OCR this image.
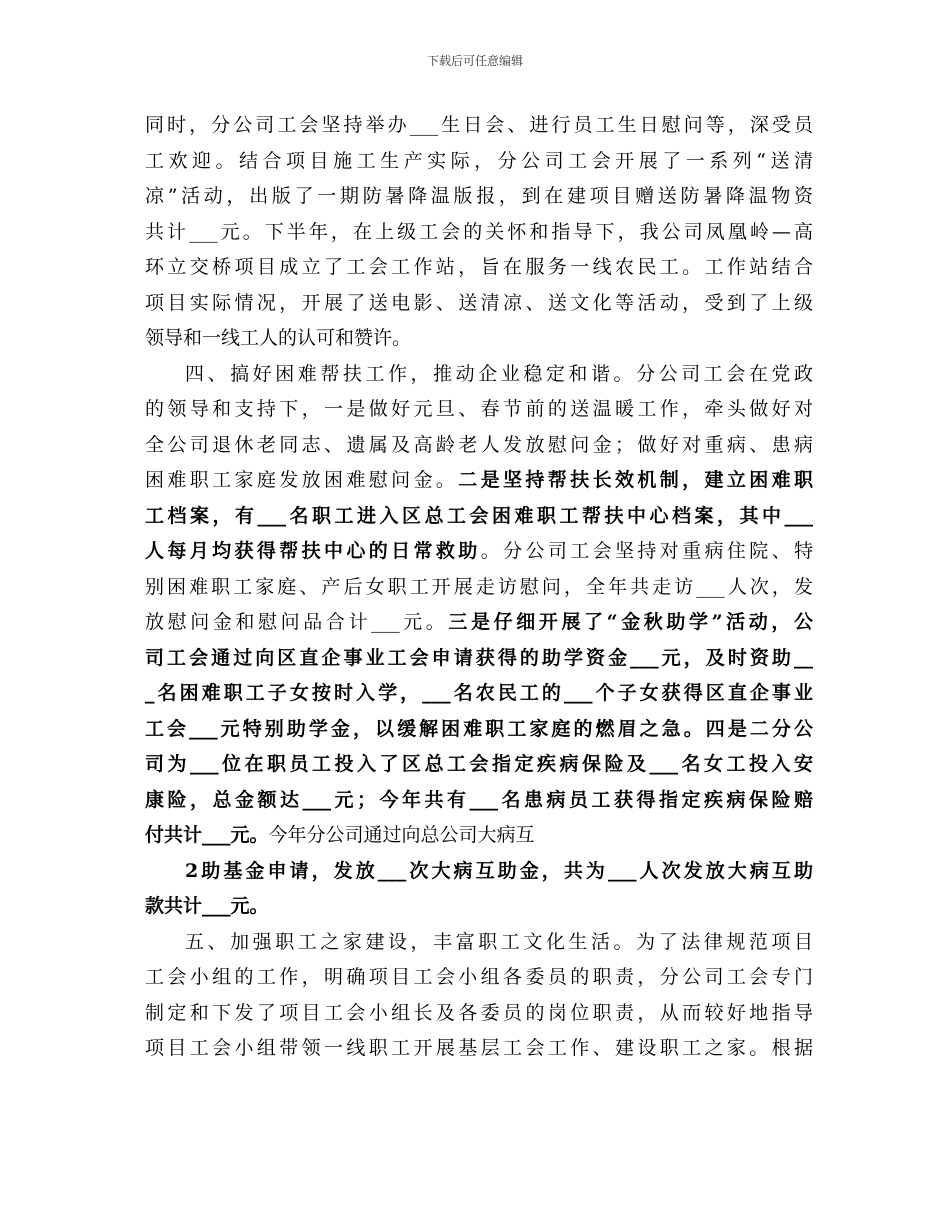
下载后可任意编辑
同时，分公司工会坚持举办___生日会、进行员工生日慰问等，深受员
工欢迎。结合项目施工生产实际，分公司工会开展了一系列“送清
凉”活动，出版了一期防暑降温版报，到在建项目赠送防暑降温物资
共计___元。下半年，在上级工会的关怀和指导下，我公司凤凰岭—高
环立交桥项目成立了工会工作站，旨在服务一线农民工。工作站结合
项目实际情况，开展了送电影、送清凉、送文化等活动，受到了上级
领导和一线工人的认可和赞许。
四、搞好困难帮扶工作，推动企业稳定和谐。分公司工会在党政
的领导和支持下，一是做好元旦、春节前的送温暖工作，牵头做好对
全公司退休老同志、遗属及高龄老人发放慰问金；做好对重病、患病
困难职工家庭发放困难慰问金。二是坚持帮扶长效机制，建立困难职
工档案，有___名职工进入区总工会困难职工帮扶中心档案，其中___
人每月均获得帮扶中心的日常救助。分公司工会坚持对重病住院、特
别困难职工家庭、产后女职工开展走访慰问，全年共走访___人次，发
放慰问金和慰问品合计___元。三是仔细开展了“金秋助学”活动，公
司工会通过向区直企事业工会申请获得的助学资金___元，及时资助__
_名困难职工子女按时入学，___名农民工的___个子女获得区直企事业
工会___元特别助学金，以缓解困难职工家庭的燃眉之急。四是二分公
司为___位在职员工投入了区总工会指定疾病保险及___名女工投入安
康险，总金额达___元；今年共有___名患病员工获得指定疾病保险赔
付共计___元。今年分公司通过向总公司大病互
2助基金申请，发放___次大病互助金，共为___人次发放大病互助
款共计___元。
五、加强职工之家建设，丰富职工文化生活。为了法律规范项目
工会小组的工作，明确项目工会小组各委员的职责，分公司工会专门
制定和下发了项目工会小组长及各委员的岗位职责，从而较好地指导
项目工会小组带领一线职工开展基层工会工作、建设职工之家。根据
